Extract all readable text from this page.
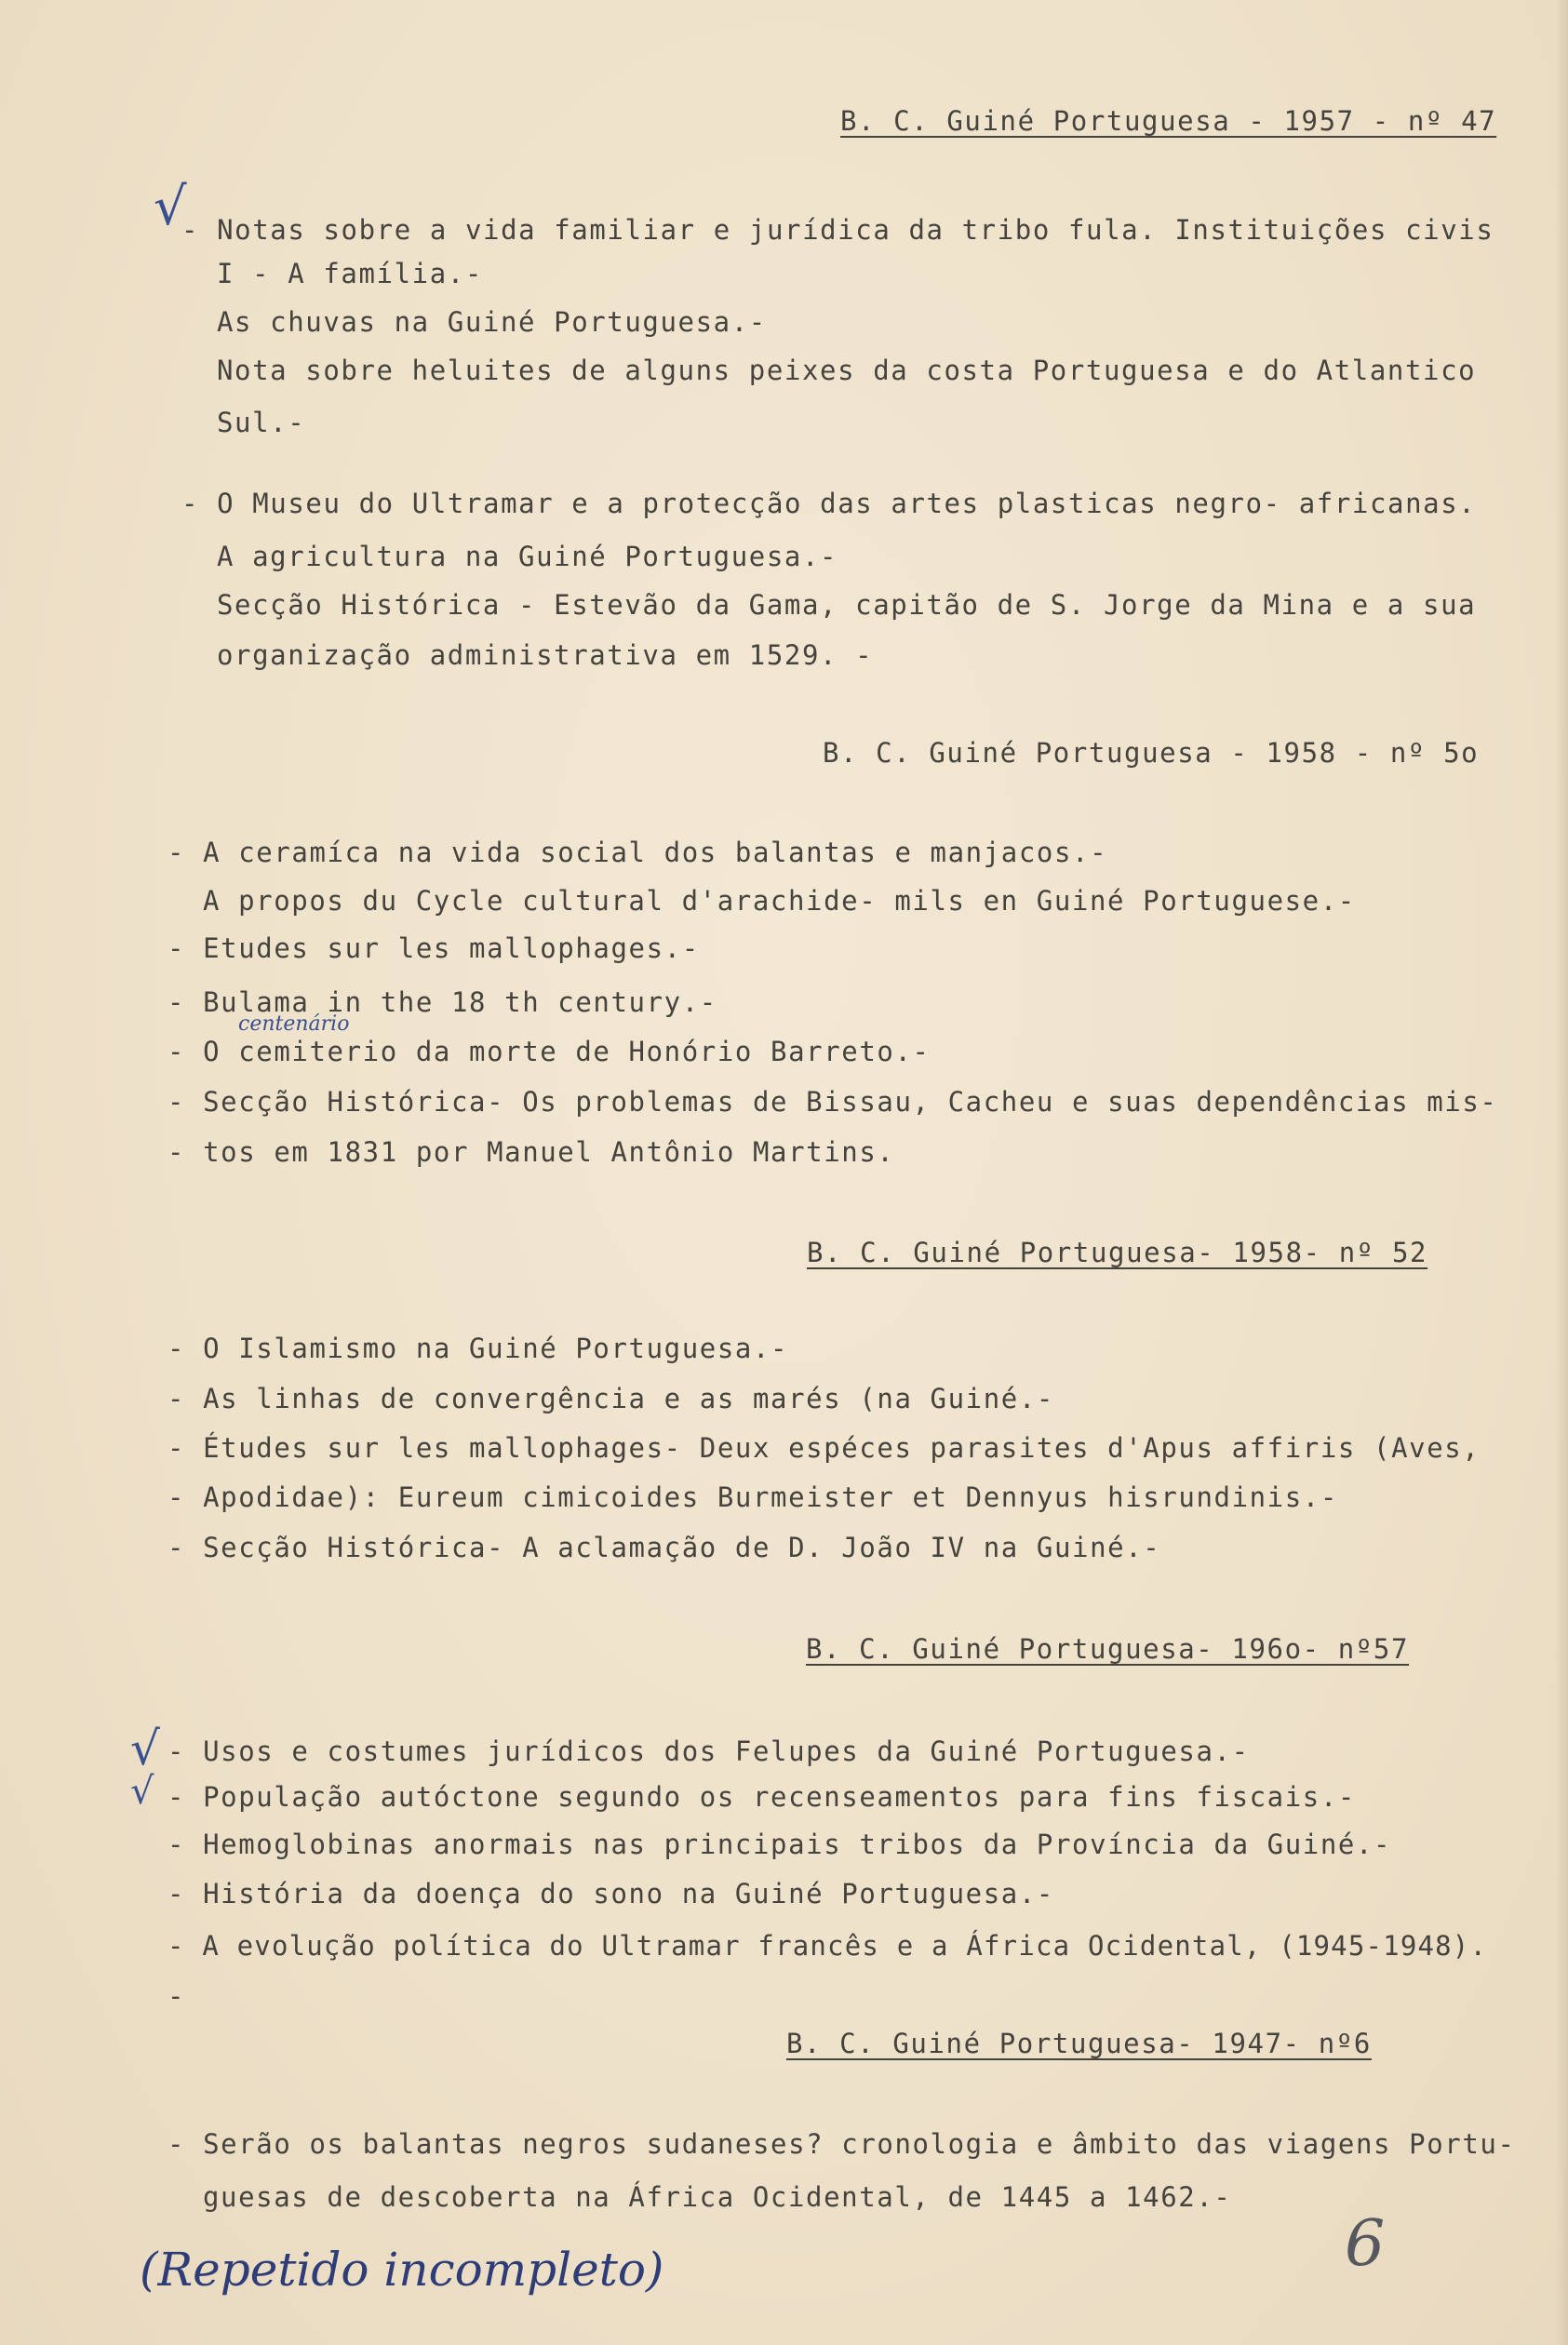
B. C. Guiné Portuguesa - 1957 - nº 47
√
- Notas sobre a vida familiar e jurídica da tribo fula. Instituições civis
I - A família.-
As chuvas na Guiné Portuguesa.-
Nota sobre heluites de alguns peixes da costa Portuguesa e do Atlantico
Sul.-
- O Museu do Ultramar e a protecção das artes plasticas negro- africanas.
A agricultura na Guiné Portuguesa.-
Secção Histórica - Estevão da Gama, capitão de S. Jorge da Mina e a sua
organização administrativa em 1529. -
B. C. Guiné Portuguesa - 1958 - nº 5o
- A ceramíca na vida social dos balantas e manjacos.-
A propos du Cycle cultural d'arachide- mils en Guiné Portuguese.-
- Etudes sur les mallophages.-
- Bulama in the 18 th century.-
centenário
- O cemiterio da morte de Honório Barreto.-
- Secção Histórica- Os problemas de Bissau, Cacheu e suas dependências mis-
- tos em 1831 por Manuel Antônio Martins.
B. C. Guiné Portuguesa- 1958- nº 52
- O Islamismo na Guiné Portuguesa.-
- As linhas de convergência e as marés (na Guiné.-
- Études sur les mallophages- Deux espéces parasites d'Apus affiris (Aves,
- Apodidae): Eureum cimicoides Burmeister et Dennyus hisrundinis.-
- Secção Histórica- A aclamação de D. João IV na Guiné.-
B. C. Guiné Portuguesa- 196o- nº57
√
√
- Usos e costumes jurídicos dos Felupes da Guiné Portuguesa.-
- População autóctone segundo os recenseamentos para fins fiscais.-
- Hemoglobinas anormais nas principais tribos da Província da Guiné.-
- História da doença do sono na Guiné Portuguesa.-
- A evolução política do Ultramar francês e a África Ocidental, (1945-1948).
-
B. C. Guiné Portuguesa- 1947- nº6
- Serão os balantas negros sudaneses? cronologia e âmbito das viagens Portu-
guesas de descoberta na África Ocidental, de 1445 a 1462.-
6
(Repetido incompleto)
